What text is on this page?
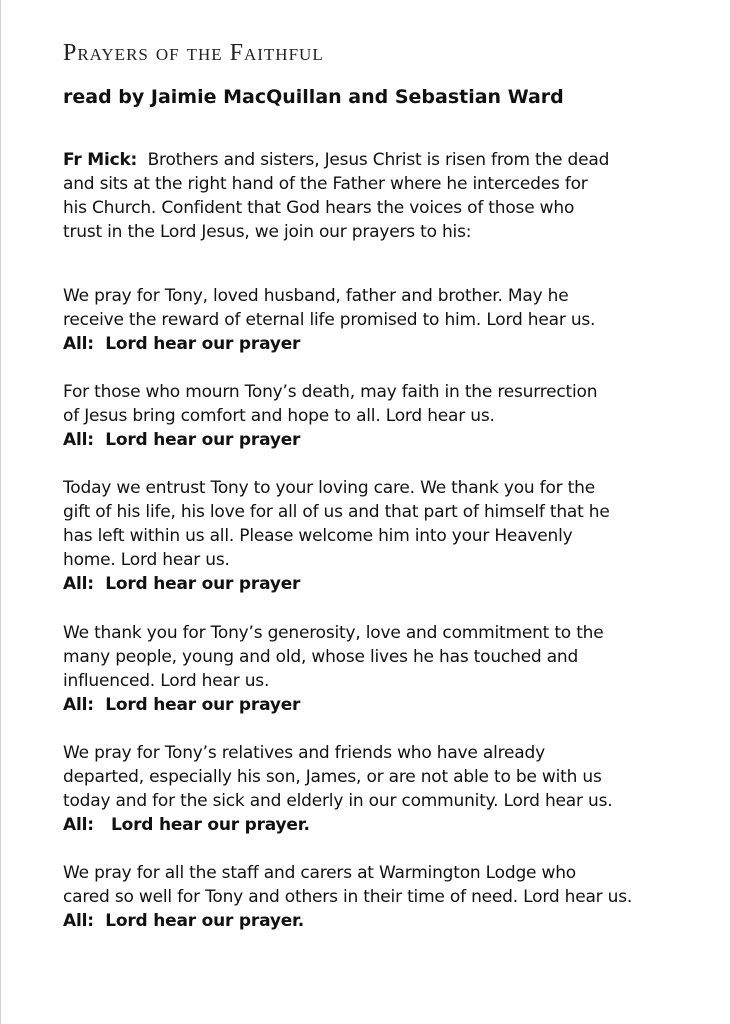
Prayers of the Faithful
read by Jaimie MacQuillan and Sebastian Ward

Fr Mick: Brothers and sisters, Jesus Christ is risen from the dead
and sits at the right hand of the Father where he intercedes for
his Church. Confident that God hears the voices of those who
trust in the Lord Jesus, we join our prayers to his:

We pray for Tony, loved husband, father and brother. May he
receive the reward of eternal life promised to him. Lord hear us.

All:  Lord hear our prayer

For those who mourn Tony’s death, may faith in the resurrection
of Jesus bring comfort and hope to all. Lord hear us.

All:  Lord hear our prayer

Today we entrust Tony to your loving care. We thank you for the
gift of his life, his love for all of us and that part of himself that he
has left within us all. Please welcome him into your Heavenly
home. Lord hear us.

All:  Lord hear our prayer

We thank you for Tony’s generosity, love and commitment to the
many people, young and old, whose lives he has touched and
influenced. Lord hear us.

All:  Lord hear our prayer

We pray for Tony’s relatives and friends who have already
departed, especially his son, James, or are not able to be with us
today and for the sick and elderly in our community. Lord hear us.

All:   Lord hear our prayer.

We pray for all the staff and carers at Warmington Lodge who
cared so well for Tony and others in their time of need. Lord hear us.

All:  Lord hear our prayer.
